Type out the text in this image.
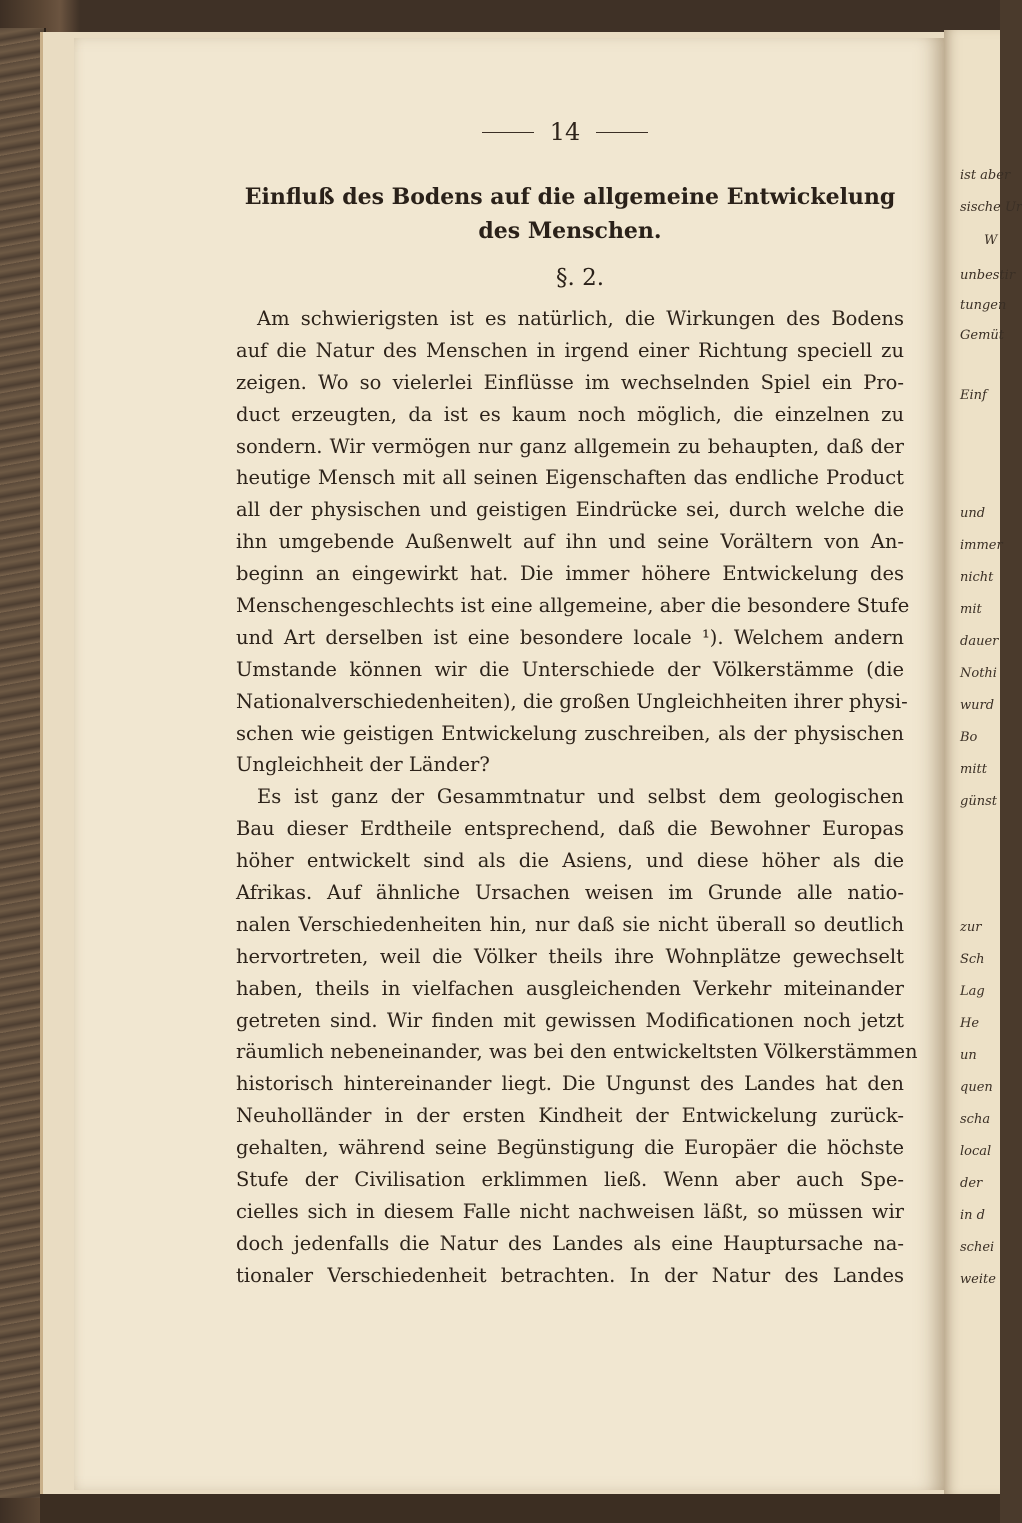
ist aber
sische Ur
W
unbestir
tungen
Gemüt
Einf
und
immer
nicht
mit
dauer
Nothi
wurd
Bo
mitt
günst
zur
Sch
Lag
He
un
quen
scha
local
der
in d
schei
weite
14
Einfluß des Bodens auf die allgemeine Entwickelung
des Menschen.
§. 2.
Am schwierigsten ist es natürlich, die Wirkungen des Bodens
auf die Natur des Menschen in irgend einer Richtung speciell zu
zeigen. Wo so vielerlei Einflüsse im wechselnden Spiel ein Pro-
duct erzeugten, da ist es kaum noch möglich, die einzelnen zu
sondern. Wir vermögen nur ganz allgemein zu behaupten, daß der
heutige Mensch mit all seinen Eigenschaften das endliche Product
all der physischen und geistigen Eindrücke sei, durch welche die
ihn umgebende Außenwelt auf ihn und seine Vorältern von An-
beginn an eingewirkt hat. Die immer höhere Entwickelung des
Menschengeschlechts ist eine allgemeine, aber die besondere Stufe
und Art derselben ist eine besondere locale ¹). Welchem andern
Umstande können wir die Unterschiede der Völkerstämme (die
Nationalverschiedenheiten), die großen Ungleichheiten ihrer physi-
schen wie geistigen Entwickelung zuschreiben, als der physischen
Ungleichheit der Länder?
Es ist ganz der Gesammtnatur und selbst dem geologischen
Bau dieser Erdtheile entsprechend, daß die Bewohner Europas
höher entwickelt sind als die Asiens, und diese höher als die
Afrikas. Auf ähnliche Ursachen weisen im Grunde alle natio-
nalen Verschiedenheiten hin, nur daß sie nicht überall so deutlich
hervortreten, weil die Völker theils ihre Wohnplätze gewechselt
haben, theils in vielfachen ausgleichenden Verkehr miteinander
getreten sind. Wir finden mit gewissen Modificationen noch jetzt
räumlich nebeneinander, was bei den entwickeltsten Völkerstämmen
historisch hintereinander liegt. Die Ungunst des Landes hat den
Neuholländer in der ersten Kindheit der Entwickelung zurück-
gehalten, während seine Begünstigung die Europäer die höchste
Stufe der Civilisation erklimmen ließ. Wenn aber auch Spe-
cielles sich in diesem Falle nicht nachweisen läßt, so müssen wir
doch jedenfalls die Natur des Landes als eine Hauptursache na-
tionaler Verschiedenheit betrachten. In der Natur des Landes
